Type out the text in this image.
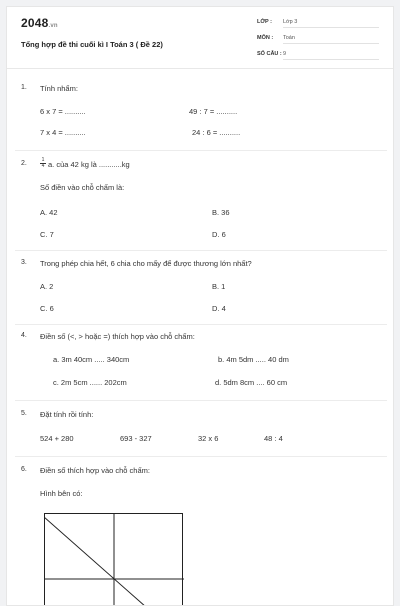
2048.vn
Tổng hợp đề thi cuối kì I Toán 3 ( Đề 22)
LỚP : Lớp 3
MÔN : Toán
SỐ CÂU : 9
1. Tính nhẩm:
6 x 7 = ..........	49 : 7 = ..........
7 x 4 = ..........	24 : 6 = ..........
2.	$\frac{1}{4} a$. của 42 kg là ...........kg
Số điền vào chỗ chấm là:
A. 42	B. 36
C. 7	D. 6
3. Trong phép chia hết, 6 chia cho mấy để được thương lớn nhất?
A. 2	B. 1
C. 6	D. 4
4. Điền số (<, > hoặc =) thích hợp vào chỗ chấm:
a. 3m 40cm ..... 340cm	b. 4m 5dm ..... 40 dm
c. 2m 5cm ...... 202cm	d. 5dm 8cm .... 60 cm
5. Đặt tính rồi tính:
524 + 280	693 - 327	32 x 6	48 : 4
6. Điền số thích hợp vào chỗ chấm:
Hình bên có:
